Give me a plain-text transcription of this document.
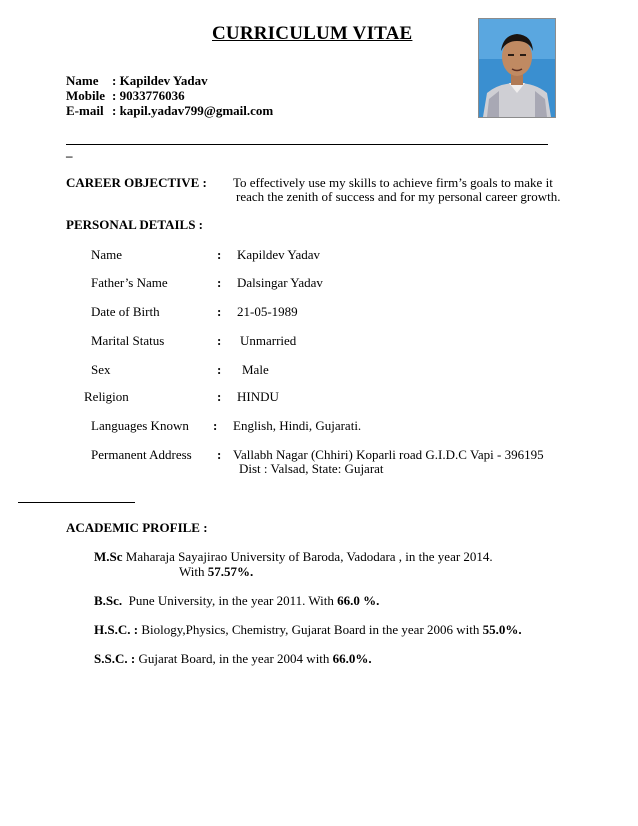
CURRICULUM VITAE
Name : Kapildev Yadav
Mobile : 9033776036
E-mail : kapil.yadav799@gmail.com
–
CAREER OBJECTIVE : To effectively use my skills to achieve firm’s goals to make it
reach the zenith of success and for my personal career growth.
PERSONAL DETAILS :
Name	: Kapildev Yadav
Father’s Name	: Dalsingar Yadav
Date of Birth	: 21-05-1989
Marital Status	: Unmarried
Sex	: Male
Religion	: HINDU
Languages Known : English, Hindi, Gujarati.
Permanent Address : Vallabh Nagar (Chhiri) Koparli road G.I.D.C Vapi - 396195
Dist : Valsad, State: Gujarat
ACADEMIC PROFILE :
M.Sc Maharaja Sayajirao University of Baroda, Vadodara , in the year 2014.
With 57.57%.
B.Sc.  Pune University, in the year 2011. With 66.0 %.
H.S.C. : Biology,Physics, Chemistry, Gujarat Board in the year 2006 with 55.0%.
S.S.C. : Gujarat Board, in the year 2004 with 66.0%.
